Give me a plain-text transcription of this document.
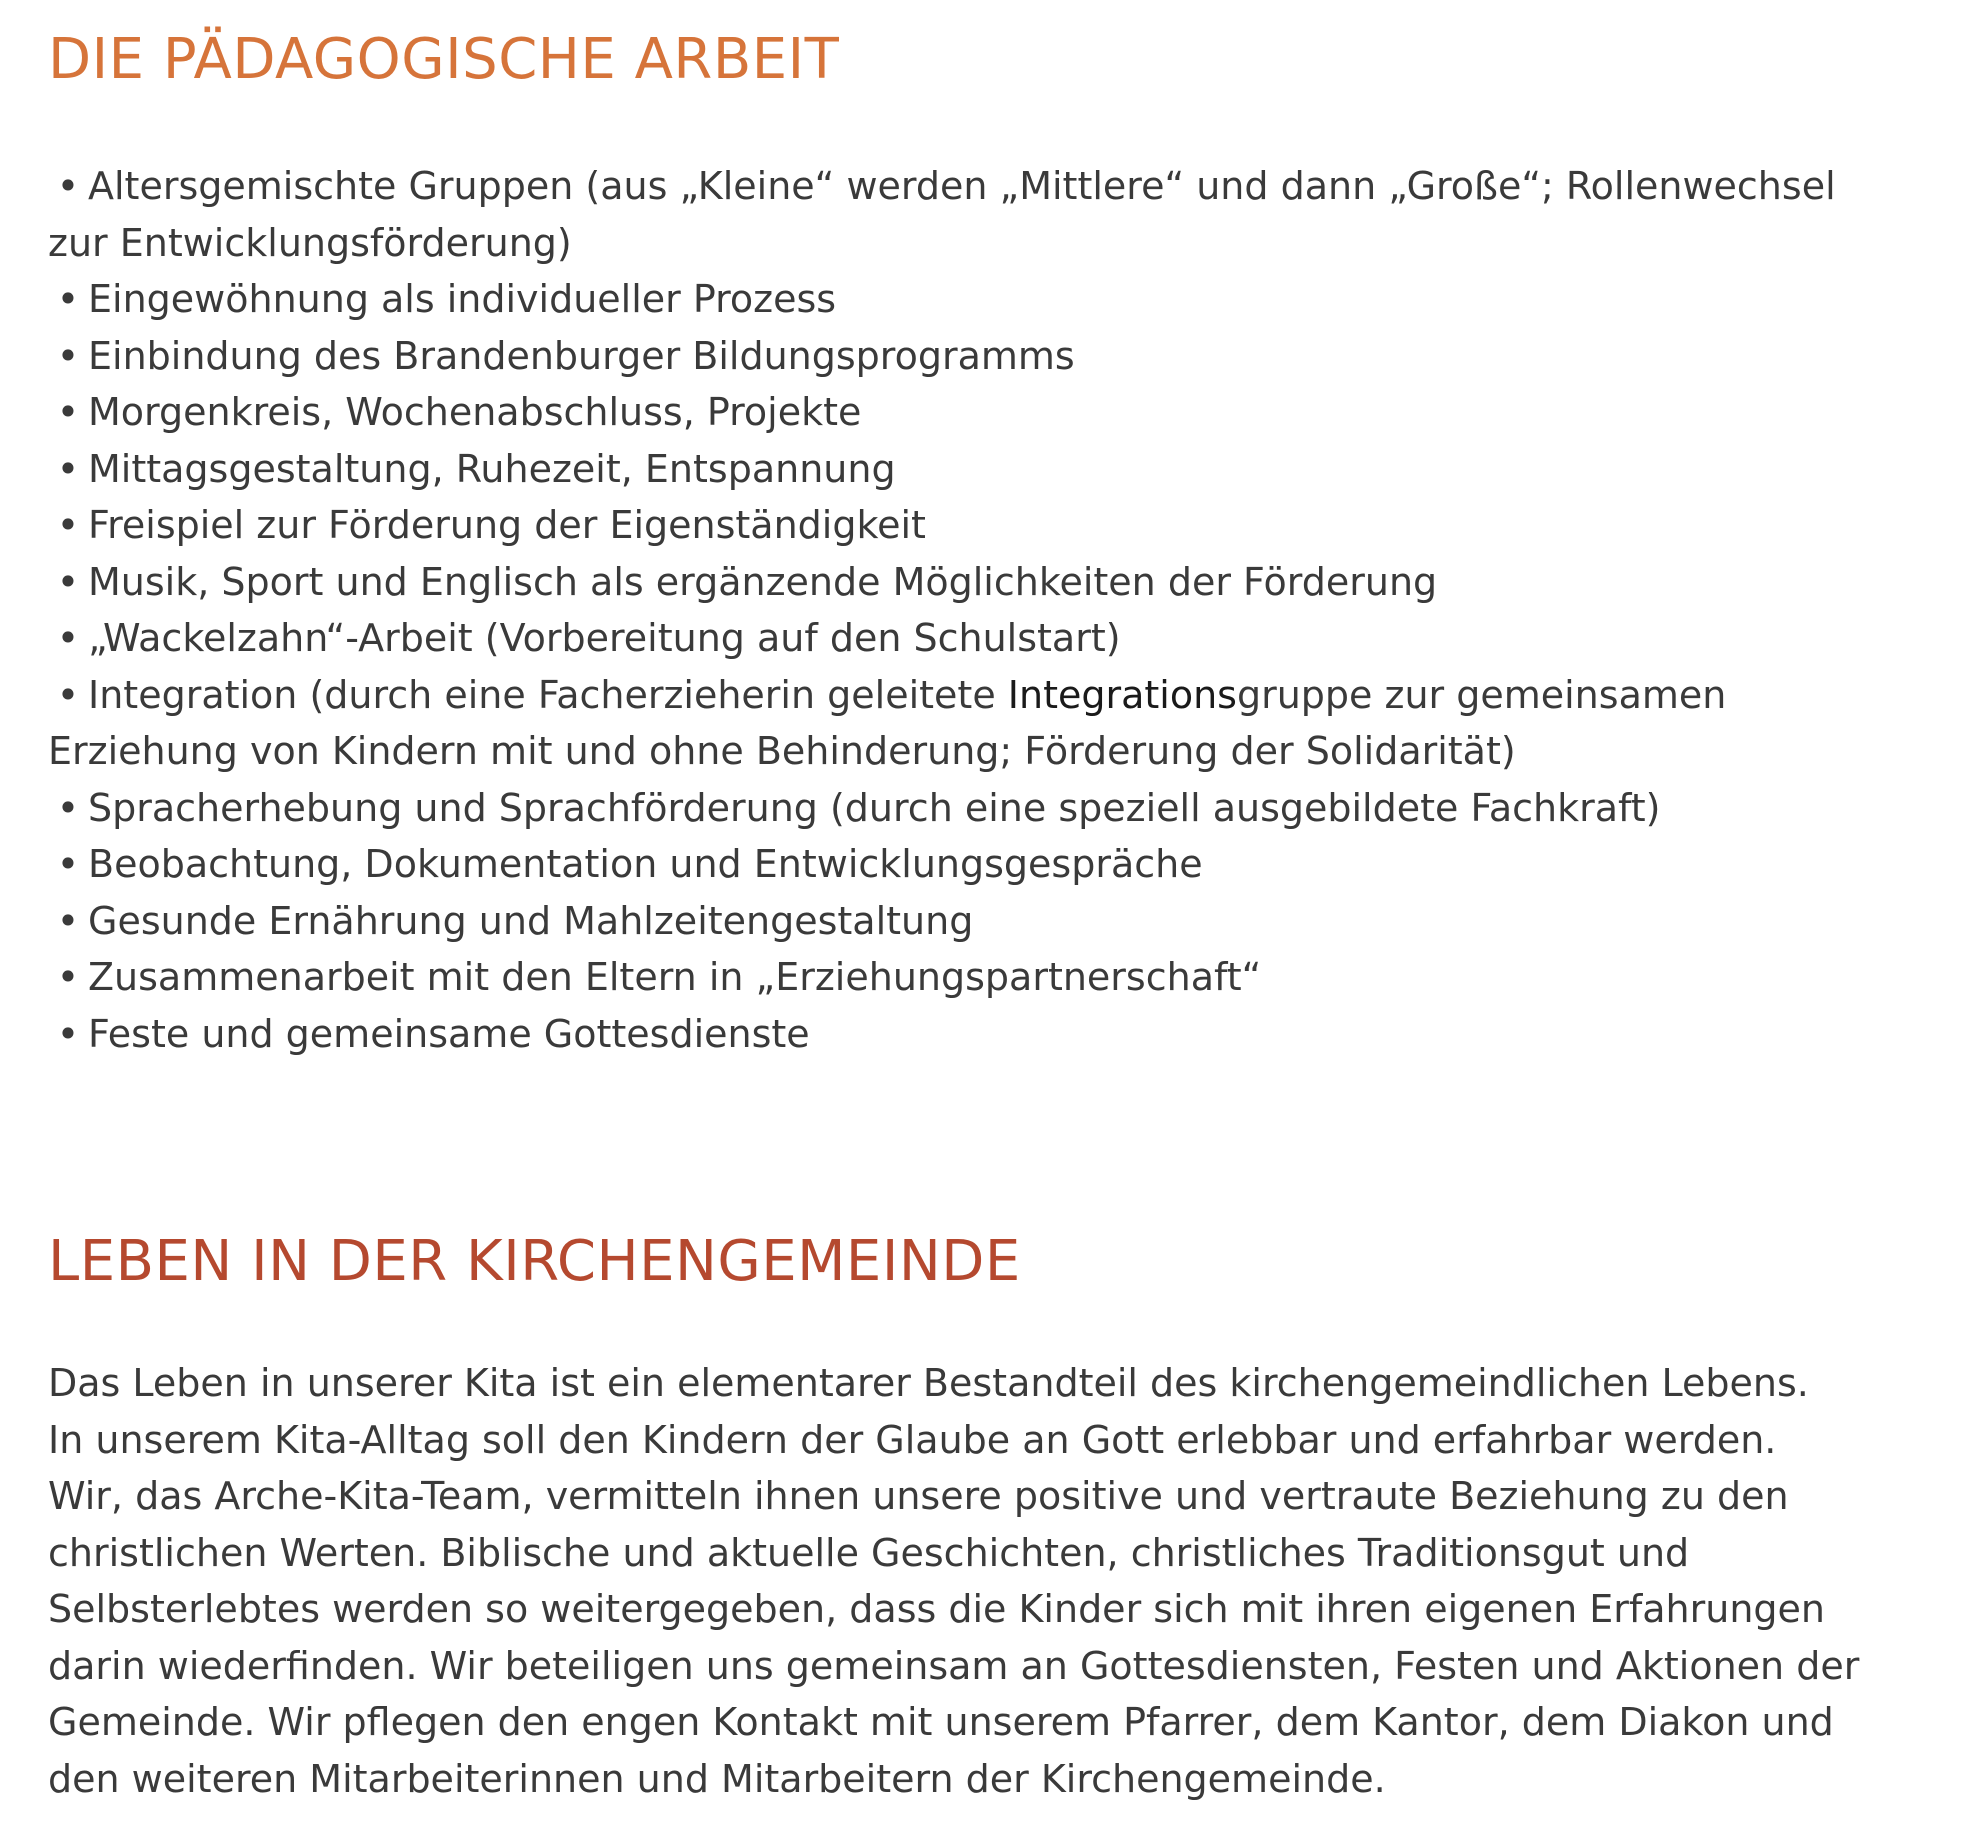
DIE PÄDAGOGISCHE ARBEIT
• Altersgemischte Gruppen (aus „Kleine“ werden „Mittlere“ und dann „Große“; Rollenwechsel
zur Entwicklungsförderung)
• Eingewöhnung als individueller Prozess
• Einbindung des Brandenburger Bildungsprogramms
• Morgenkreis, Wochenabschluss, Projekte
• Mittagsgestaltung, Ruhezeit, Entspannung
• Freispiel zur Förderung der Eigenständigkeit
• Musik, Sport und Englisch als ergänzende Möglichkeiten der Förderung
• „Wackelzahn“-Arbeit (Vorbereitung auf den Schulstart)
• Integration (durch eine Facherzieherin geleitete Integrationsgruppe zur gemeinsamen
Erziehung von Kindern mit und ohne Behinderung; Förderung der Solidarität)
• Spracherhebung und Sprachförderung (durch eine speziell ausgebildete Fachkraft)
• Beobachtung, Dokumentation und Entwicklungsgespräche
• Gesunde Ernährung und Mahlzeitengestaltung
• Zusammenarbeit mit den Eltern in „Erziehungspartnerschaft“
• Feste und gemeinsame Gottesdienste
LEBEN IN DER KIRCHENGEMEINDE

Das Leben in unserer Kita ist ein elementarer Bestandteil des kirchengemeindlichen Lebens.
In unserem Kita-Alltag soll den Kindern der Glaube an Gott erlebbar und erfahrbar werden.
Wir, das Arche-Kita-Team, vermitteln ihnen unsere positive und vertraute Beziehung zu den
christlichen Werten. Biblische und aktuelle Geschichten, christliches Traditionsgut und
Selbsterlebtes werden so weitergegeben, dass die Kinder sich mit ihren eigenen Erfahrungen
darin wiederfinden. Wir beteiligen uns gemeinsam an Gottesdiensten, Festen und Aktionen der
Gemeinde. Wir pflegen den engen Kontakt mit unserem Pfarrer, dem Kantor, dem Diakon und
den weiteren Mitarbeiterinnen und Mitarbeitern der Kirchengemeinde.
